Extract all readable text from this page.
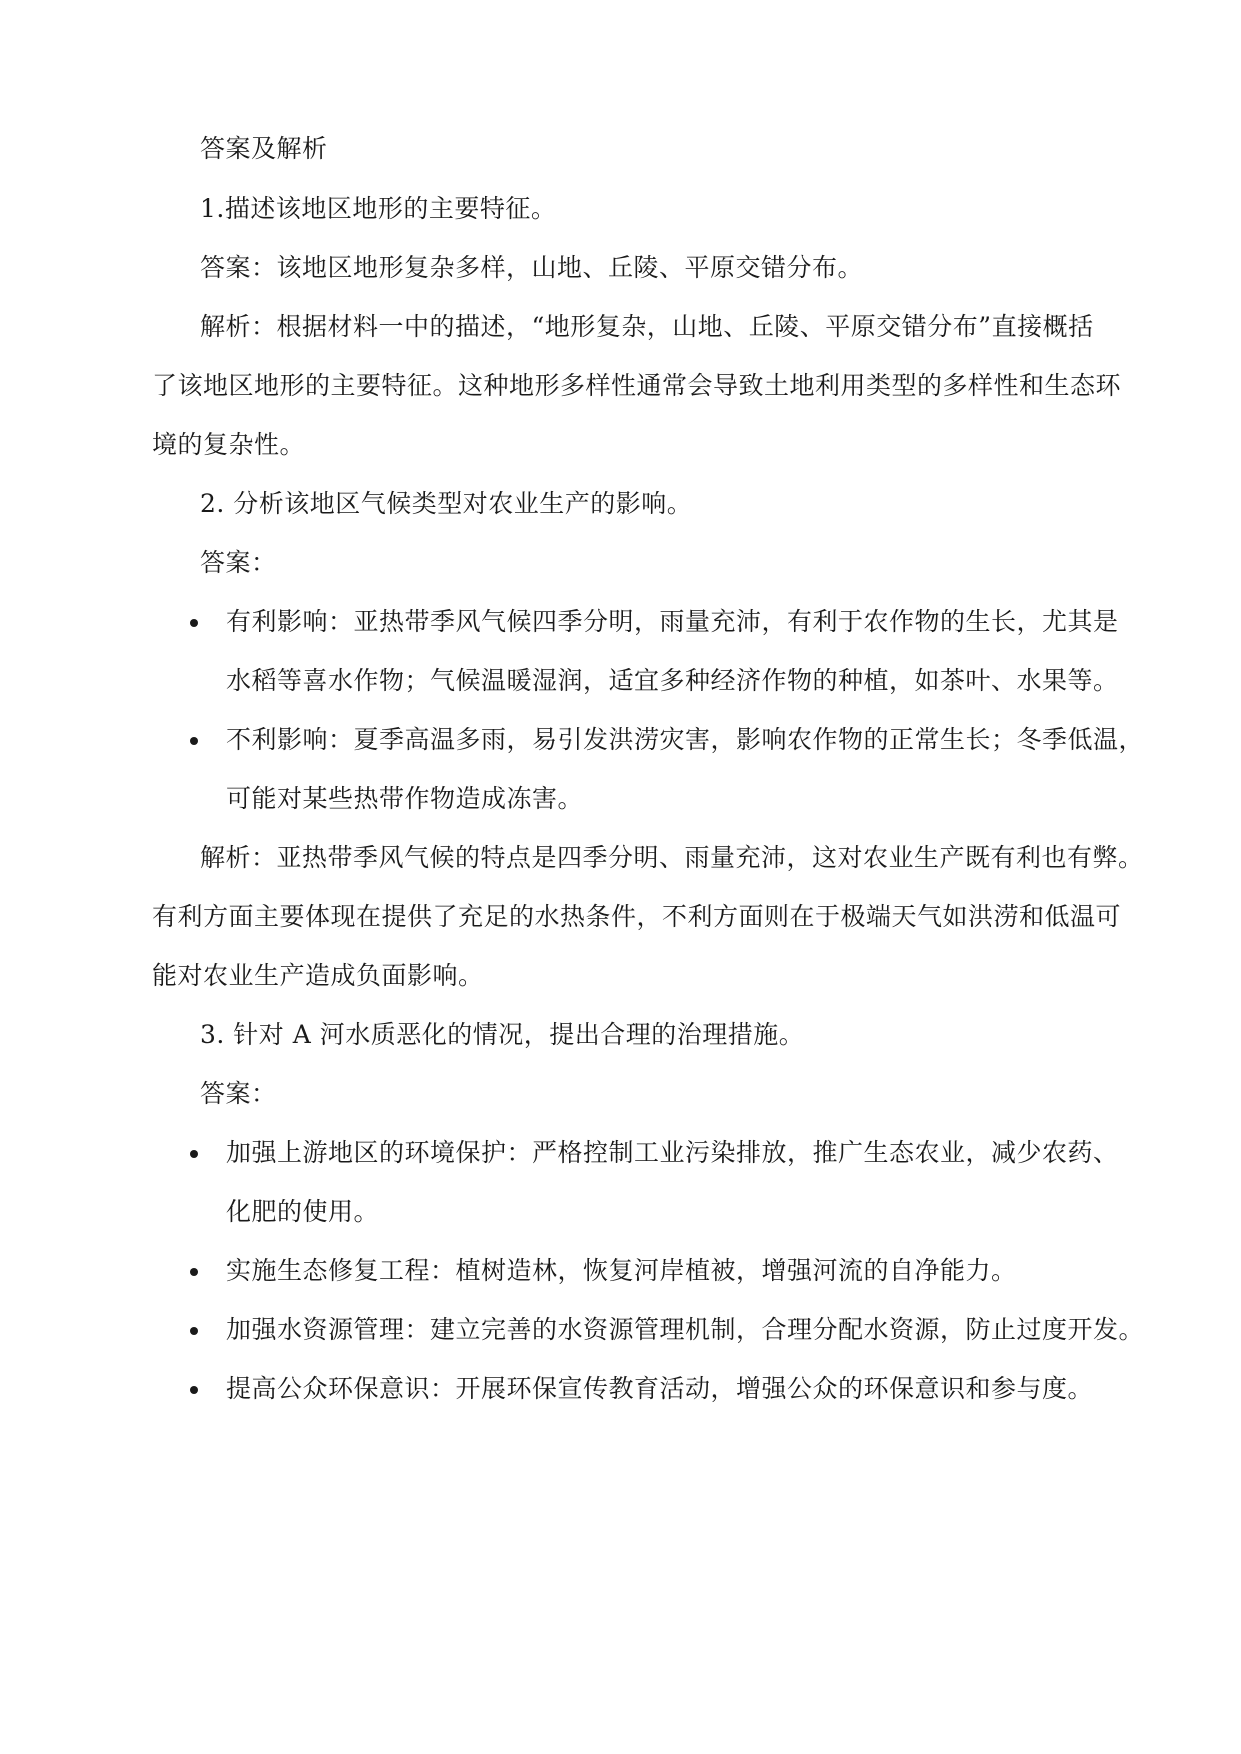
答案及解析
1.描述该地区地形的主要特征。
答案：该地区地形复杂多样，山地、丘陵、平原交错分布。
解析：根据材料一中的描述，“地形复杂，山地、丘陵、平原交错分布”直接概括
了该地区地形的主要特征。这种地形多样性通常会导致土地利用类型的多样性和生态环
境的复杂性。
2. 分析该地区气候类型对农业生产的影响。
答案：
有利影响：亚热带季风气候四季分明，雨量充沛，有利于农作物的生长，尤其是
水稻等喜水作物；气候温暖湿润，适宜多种经济作物的种植，如茶叶、水果等。
不利影响：夏季高温多雨，易引发洪涝灾害，影响农作物的正常生长；冬季低温，
可能对某些热带作物造成冻害。
解析：亚热带季风气候的特点是四季分明、雨量充沛，这对农业生产既有利也有弊。
有利方面主要体现在提供了充足的水热条件，不利方面则在于极端天气如洪涝和低温可
能对农业生产造成负面影响。
3. 针对 A 河水质恶化的情况，提出合理的治理措施。
答案：
加强上游地区的环境保护：严格控制工业污染排放，推广生态农业，减少农药、
化肥的使用。
实施生态修复工程：植树造林，恢复河岸植被，增强河流的自净能力。
加强水资源管理：建立完善的水资源管理机制，合理分配水资源，防止过度开发。
提高公众环保意识：开展环保宣传教育活动，增强公众的环保意识和参与度。
